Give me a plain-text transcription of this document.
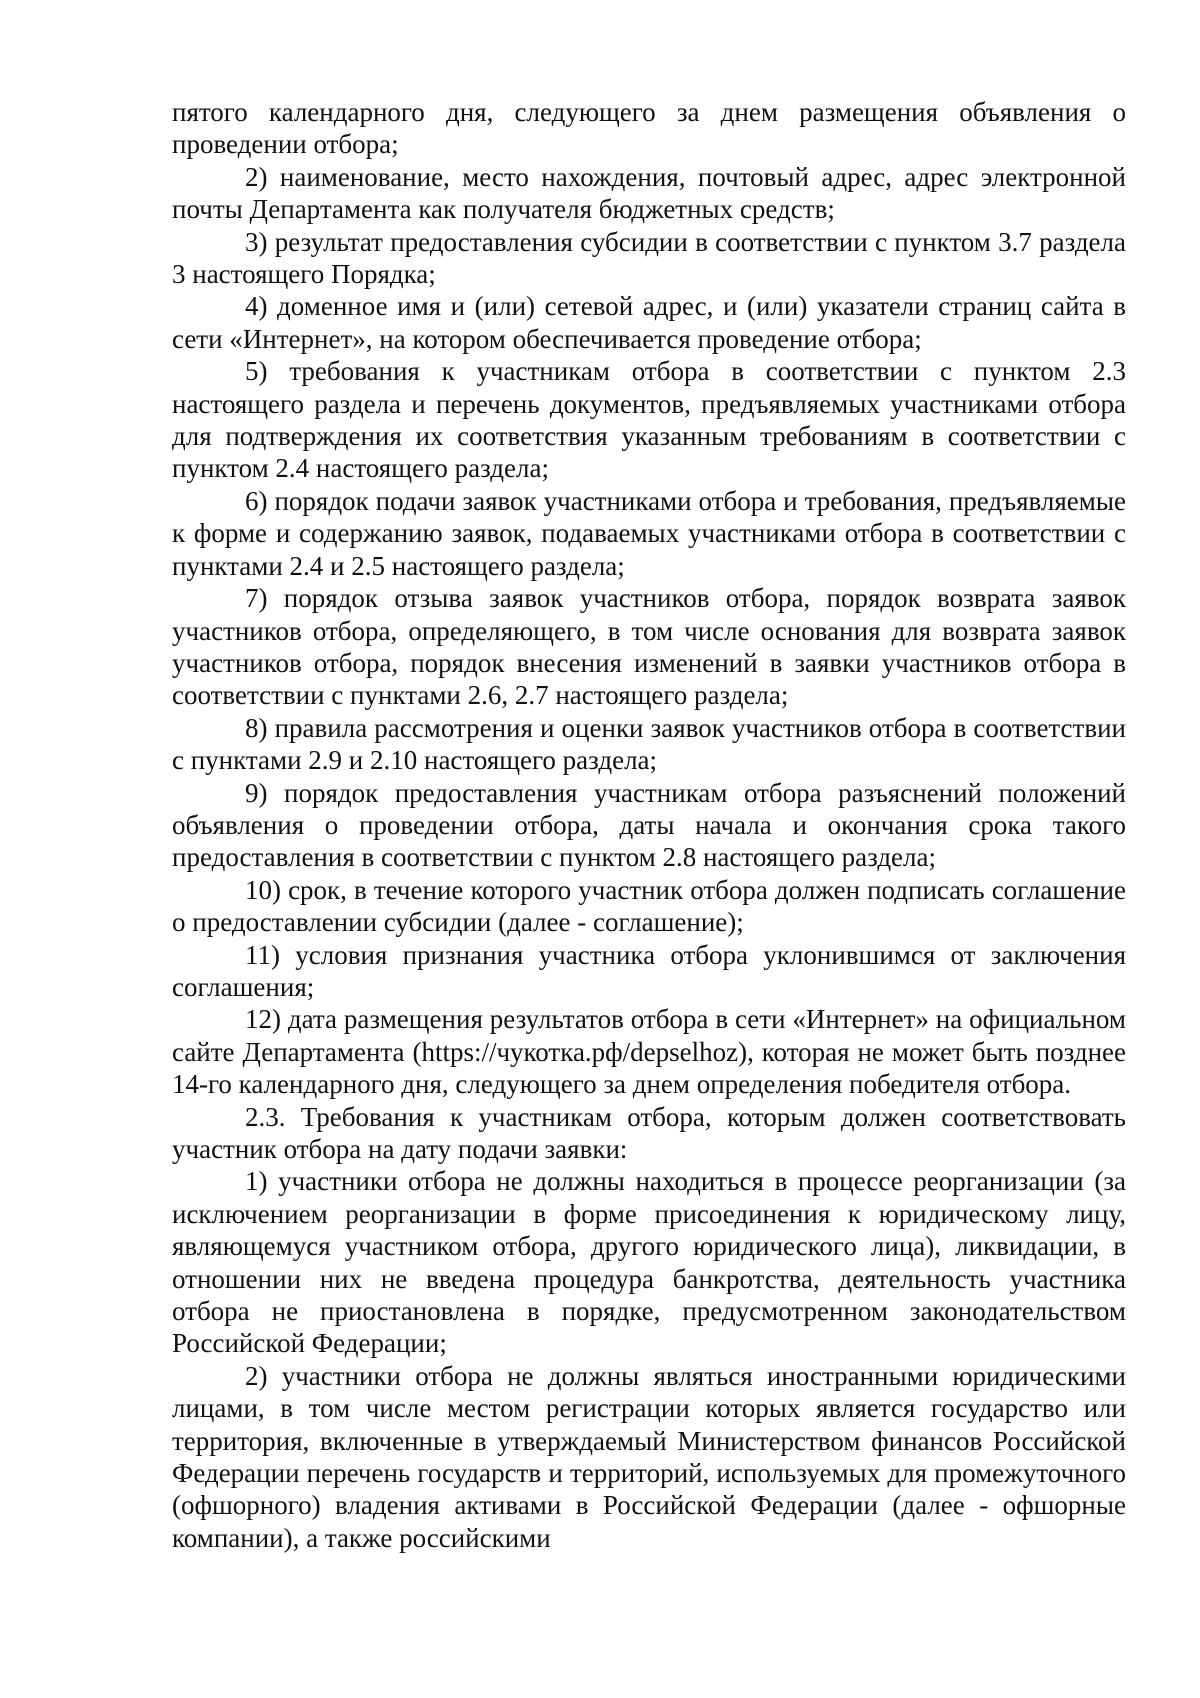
пятого календарного дня, следующего за днем размещения объявления о проведении отбора;

2) наименование, место нахождения, почтовый адрес, адрес электронной почты Департамента как получателя бюджетных средств;

3) результат предоставления субсидии в соответствии с пунктом 3.7 раздела 3 настоящего Порядка;

4) доменное имя и (или) сетевой адрес, и (или) указатели страниц сайта в сети «Интернет», на котором обеспечивается проведение отбора;

5) требования к участникам отбора в соответствии с пунктом 2.3 настоящего раздела и перечень документов, предъявляемых участниками отбора для подтверждения их соответствия указанным требованиям в соответствии с пунктом 2.4 настоящего раздела;

6) порядок подачи заявок участниками отбора и требования, предъявляемые к форме и содержанию заявок, подаваемых участниками отбора в соответствии с пунктами 2.4 и 2.5 настоящего раздела;

7) порядок отзыва заявок участников отбора, порядок возврата заявок участников отбора, определяющего, в том числе основания для возврата заявок участников отбора, порядок внесения изменений в заявки участников отбора в соответствии с пунктами 2.6, 2.7 настоящего раздела;

8) правила рассмотрения и оценки заявок участников отбора в соответствии с пунктами 2.9 и 2.10 настоящего раздела;

9) порядок предоставления участникам отбора разъяснений положений объявления о проведении отбора, даты начала и окончания срока такого предоставления в соответствии с пунктом 2.8 настоящего раздела;

10) срок, в течение которого участник отбора должен подписать соглашение о предоставлении субсидии (далее - соглашение);

11) условия признания участника отбора уклонившимся от заключения соглашения;

12) дата размещения результатов отбора в сети «Интернет» на официальном сайте Департамента (https://чукотка.рф/depselhoz), которая не может быть позднее 14-го календарного дня, следующего за днем определения победителя отбора.

2.3. Требования к участникам отбора, которым должен соответствовать участник отбора на дату подачи заявки:

1) участники отбора не должны находиться в процессе реорганизации (за исключением реорганизации в форме присоединения к юридическому лицу, являющемуся участником отбора, другого юридического лица), ликвидации, в отношении них не введена процедура банкротства, деятельность участника отбора не приостановлена в порядке, предусмотренном законодательством Российской Федерации;

2) участники отбора не должны являться иностранными юридическими лицами, в том числе местом регистрации которых является государство или территория, включенные в утверждаемый Министерством финансов Российской Федерации перечень государств и территорий, используемых для промежуточного (офшорного) владения активами в Российской Федерации (далее - офшорные компании), а также российскими
